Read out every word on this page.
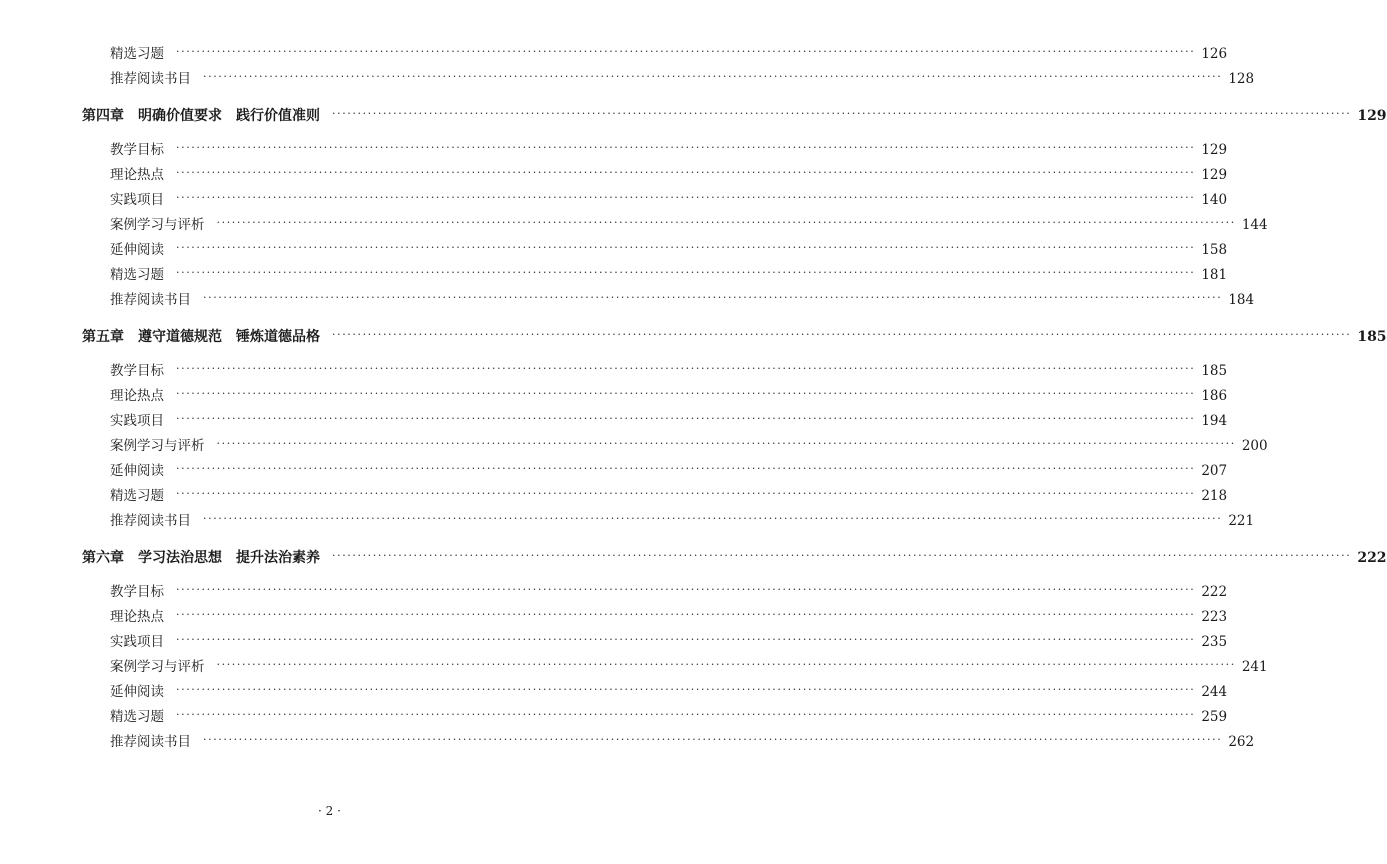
精选习题 ········································································································································································································ 126
推荐阅读书目 ········································································································································································································ 128
第四章 明确价值要求 践行价值准则 ········································································································································································································ 129
教学目标 ········································································································································································································ 129
理论热点 ········································································································································································································ 129
实践项目 ········································································································································································································ 140
案例学习与评析 ········································································································································································································ 144
延伸阅读 ········································································································································································································ 158
精选习题 ········································································································································································································ 181
推荐阅读书目 ········································································································································································································ 184
第五章 遵守道德规范 锤炼道德品格 ········································································································································································································ 185
教学目标 ········································································································································································································ 185
理论热点 ········································································································································································································ 186
实践项目 ········································································································································································································ 194
案例学习与评析 ········································································································································································································ 200
延伸阅读 ········································································································································································································ 207
精选习题 ········································································································································································································ 218
推荐阅读书目 ········································································································································································································ 221
第六章 学习法治思想 提升法治素养 ········································································································································································································ 222
教学目标 ········································································································································································································ 222
理论热点 ········································································································································································································ 223
实践项目 ········································································································································································································ 235
案例学习与评析 ········································································································································································································ 241
延伸阅读 ········································································································································································································ 244
精选习题 ········································································································································································································ 259
推荐阅读书目 ········································································································································································································ 262
· 2 ·
